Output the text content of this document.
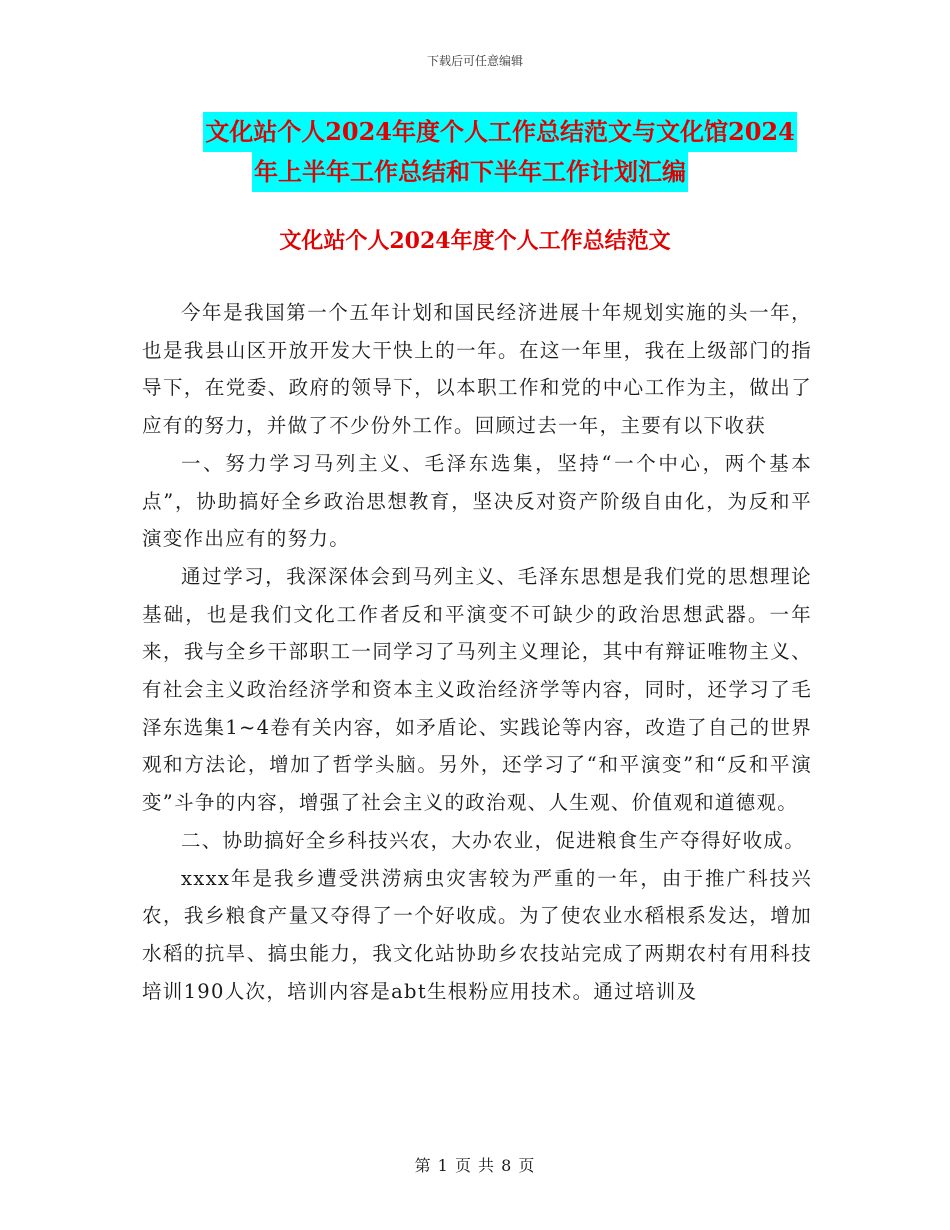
下载后可任意编辑
文化站个人2024年度个人工作总结范文与文化馆2024
年上半年工作总结和下半年工作计划汇编
文化站个人2024年度个人工作总结范文

今年是我国第一个五年计划和国民经济进展十年规划实施的头一年，也是我县山区开放开发大干快上的一年。在这一年里，我在上级部门的指导下，在党委、政府的领导下，以本职工作和党的中心工作为主，做出了应有的努力，并做了不少份外工作。回顾过去一年，主要有以下收获

一、努力学习马列主义、毛泽东选集，坚持“一个中心，两个基本点”，协助搞好全乡政治思想教育，坚决反对资产阶级自由化，为反和平演变作出应有的努力。

通过学习，我深深体会到马列主义、毛泽东思想是我们党的思想理论基础，也是我们文化工作者反和平演变不可缺少的政治思想武器。一年来，我与全乡干部职工一同学习了马列主义理论，其中有辩证唯物主义、有社会主义政治经济学和资本主义政治经济学等内容，同时，还学习了毛泽东选集1~4卷有关内容，如矛盾论、实践论等内容，改造了自己的世界观和方法论，增加了哲学头脑。另外，还学习了“和平演变”和“反和平演变”斗争的内容，增强了社会主义的政治观、人生观、价值观和道德观。

二、协助搞好全乡科技兴农，大办农业，促进粮食生产夺得好收成。

xxxx年是我乡遭受洪涝病虫灾害较为严重的一年，由于推广科技兴农，我乡粮食产量又夺得了一个好收成。为了使农业水稻根系发达，增加水稻的抗旱、搞虫能力，我文化站协助乡农技站完成了两期农村有用科技培训190人次，培训内容是abt生根粉应用技术。通过培训及

第 1 页 共 8 页
